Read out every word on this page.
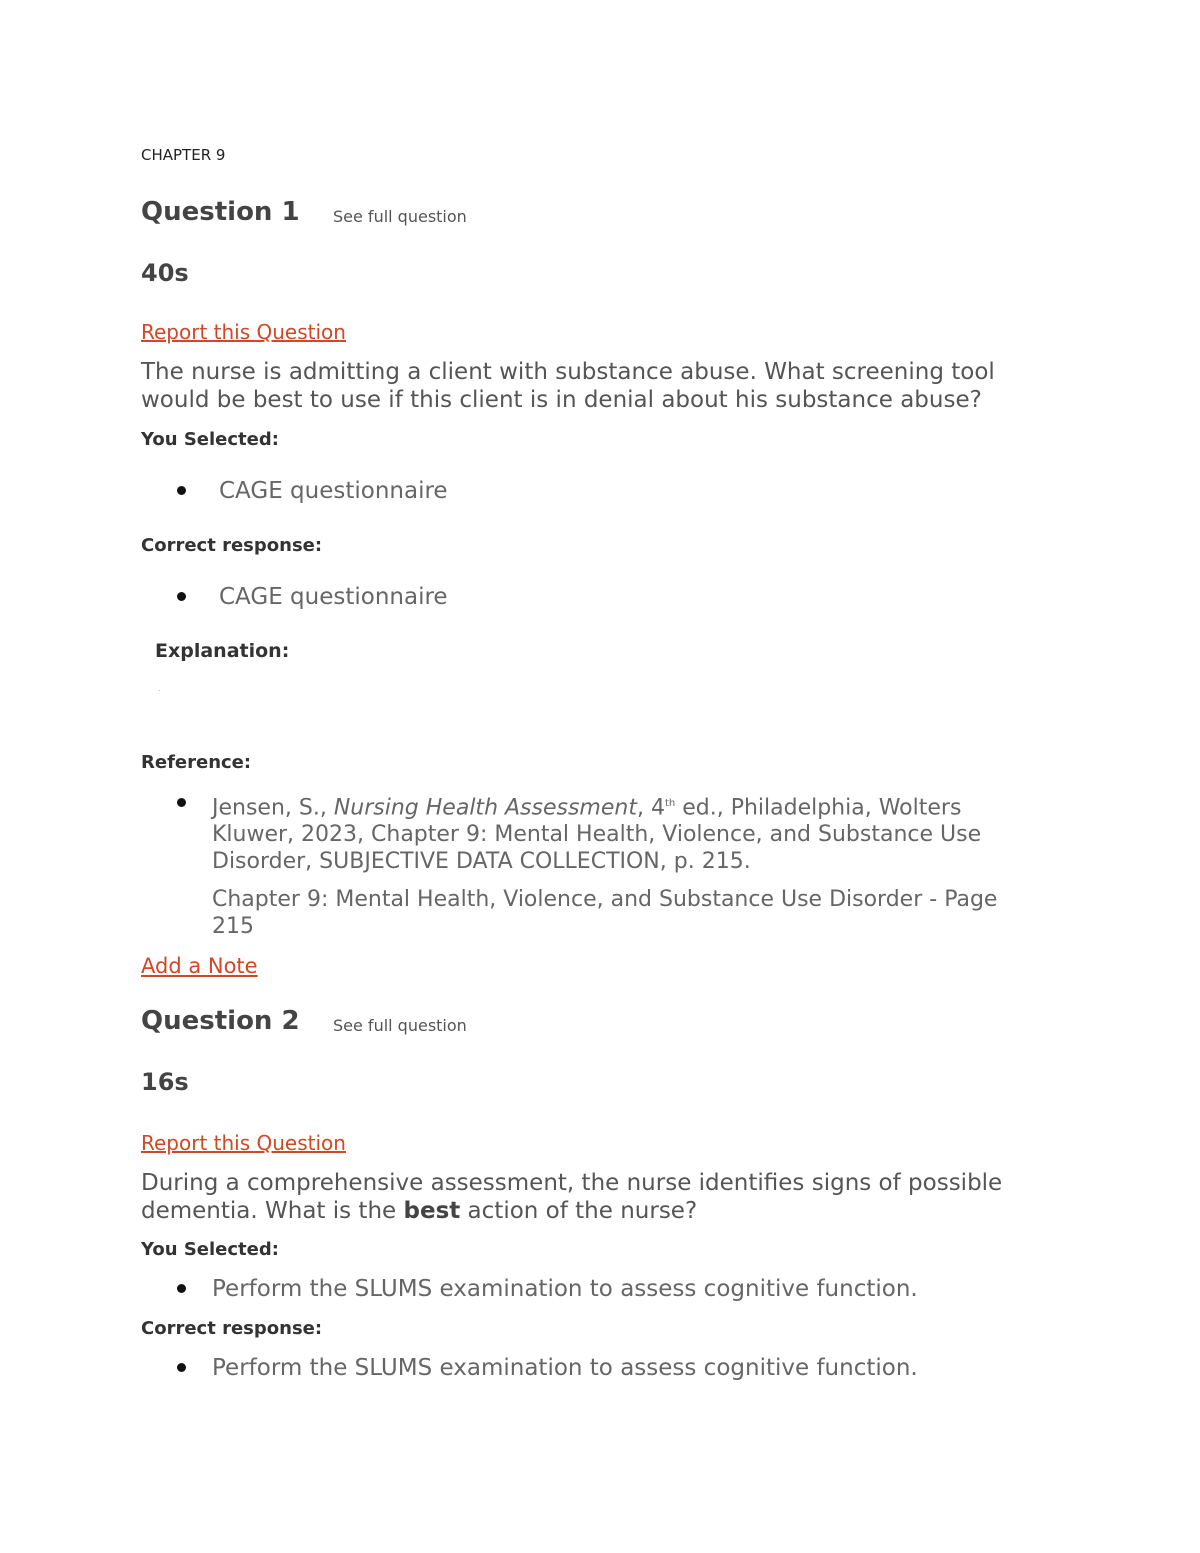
CHAPTER 9
Question 1 See full question
40s
Report this Question
The nurse is admitting a client with substance abuse. What screening tool would be best to use if this client is in denial about his substance abuse?
You Selected:
CAGE questionnaire
Correct response:
CAGE questionnaire
Explanation:
.
Reference:
Jensen, S., Nursing Health Assessment, 4th ed., Philadelphia, Wolters Kluwer, 2023, Chapter 9: Mental Health, Violence, and Substance Use Disorder, SUBJECTIVE DATA COLLECTION, p. 215.
Chapter 9: Mental Health, Violence, and Substance Use Disorder - Page 215
Add a Note
Question 2 See full question
16s
Report this Question
During a comprehensive assessment, the nurse identifies signs of possible dementia. What is the best action of the nurse?
You Selected:
Perform the SLUMS examination to assess cognitive function.
Correct response:
Perform the SLUMS examination to assess cognitive function.
